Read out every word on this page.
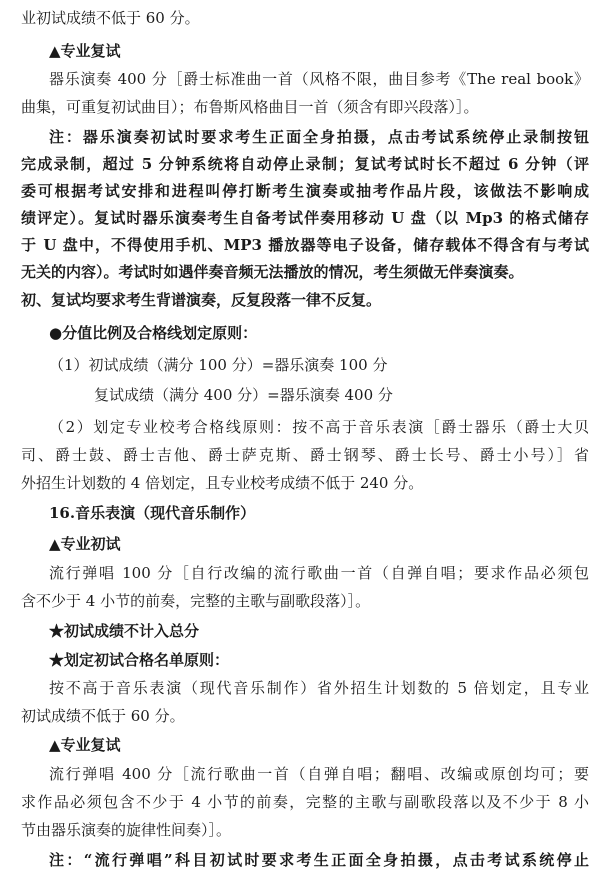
业初试成绩不低于 60 分。
▲专业复试
器乐演奏 400 分［爵士标准曲一首（风格不限，曲目参考《The real book》
曲集，可重复初试曲目）；布鲁斯风格曲目一首（须含有即兴段落）］。
注：器乐演奏初试时要求考生正面全身拍摄，点击考试系统停止录制按钮
完成录制，超过 5 分钟系统将自动停止录制；复试考试时长不超过 6 分钟（评
委可根据考试安排和进程叫停打断考生演奏或抽考作品片段，该做法不影响成
绩评定）。复试时器乐演奏考生自备考试伴奏用移动 U 盘（以 Mp3 的格式储存
于 U 盘中，不得使用手机、MP3 播放器等电子设备，储存载体不得含有与考试
无关的内容）。考试时如遇伴奏音频无法播放的情况，考生须做无伴奏演奏。
初、复试均要求考生背谱演奏，反复段落一律不反复。
●分值比例及合格线划定原则：
（1）初试成绩（满分 100 分）=器乐演奏 100 分
复试成绩（满分 400 分）=器乐演奏 400 分
（2）划定专业校考合格线原则：按不高于音乐表演［爵士器乐（爵士大贝
司、爵士鼓、爵士吉他、爵士萨克斯、爵士钢琴、爵士长号、爵士小号）］省
外招生计划数的 4 倍划定，且专业校考成绩不低于 240 分。
16.音乐表演（现代音乐制作）
▲专业初试
流行弹唱 100 分［自行改编的流行歌曲一首（自弹自唱；要求作品必须包
含不少于 4 小节的前奏，完整的主歌与副歌段落）］。
★初试成绩不计入总分
★划定初试合格名单原则：
按不高于音乐表演（现代音乐制作）省外招生计划数的 5 倍划定，且专业
初试成绩不低于 60 分。
▲专业复试
流行弹唱 400 分［流行歌曲一首（自弹自唱；翻唱、改编或原创均可；要
求作品必须包含不少于 4 小节的前奏，完整的主歌与副歌段落以及不少于 8 小
节由器乐演奏的旋律性间奏）］。
注：“流行弹唱”科目初试时要求考生正面全身拍摄，点击考试系统停止
